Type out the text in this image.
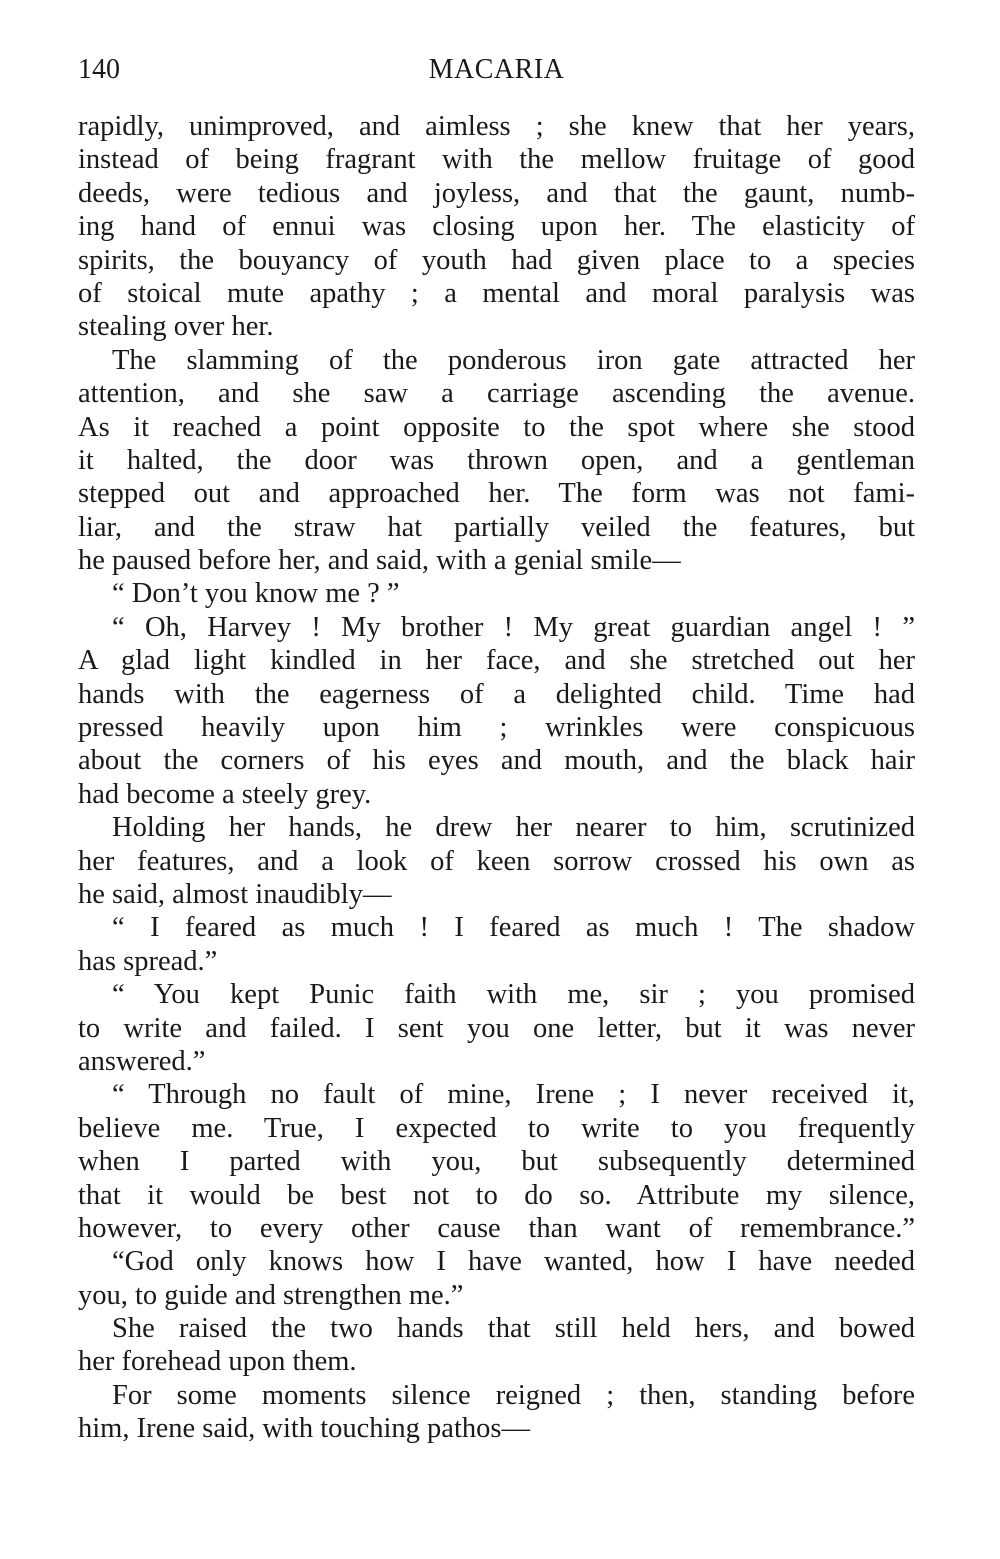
140	MACARIA
rapidly, unimproved, and aimless ; she knew that her years,
instead of being fragrant with the mellow fruitage of good
deeds, were tedious and joyless, and that the gaunt, numb-
ing hand of ennui was closing upon her. The elasticity of
spirits, the bouyancy of youth had given place to a species
of stoical mute apathy ; a mental and moral paralysis was
stealing over her.
The slamming of the ponderous iron gate attracted her
attention, and she saw a carriage ascending the avenue.
As it reached a point opposite to the spot where she stood
it halted, the door was thrown open, and a gentleman
stepped out and approached her. The form was not fami-
liar, and the straw hat partially veiled the features, but
he paused before her, and said, with a genial smile—
“ Don’t you know me ? ”
“ Oh, Harvey ! My brother ! My great guardian angel ! ”
A glad light kindled in her face, and she stretched out her
hands with the eagerness of a delighted child. Time had
pressed heavily upon him ; wrinkles were conspicuous
about the corners of his eyes and mouth, and the black hair
had become a steely grey.
Holding her hands, he drew her nearer to him, scrutinized
her features, and a look of keen sorrow crossed his own as
he said, almost inaudibly—
“ I feared as much ! I feared as much ! The shadow
has spread.”
“ You kept Punic faith with me, sir ; you promised
to write and failed. I sent you one letter, but it was never
answered.”
“ Through no fault of mine, Irene ; I never received it,
believe me. True, I expected to write to you frequently
when I parted with you, but subsequently determined
that it would be best not to do so. Attribute my silence,
however, to every other cause than want of remembrance.”
“God only knows how I have wanted, how I have needed
you, to guide and strengthen me.”
She raised the two hands that still held hers, and bowed
her forehead upon them.
For some moments silence reigned ; then, standing before
him, Irene said, with touching pathos—
